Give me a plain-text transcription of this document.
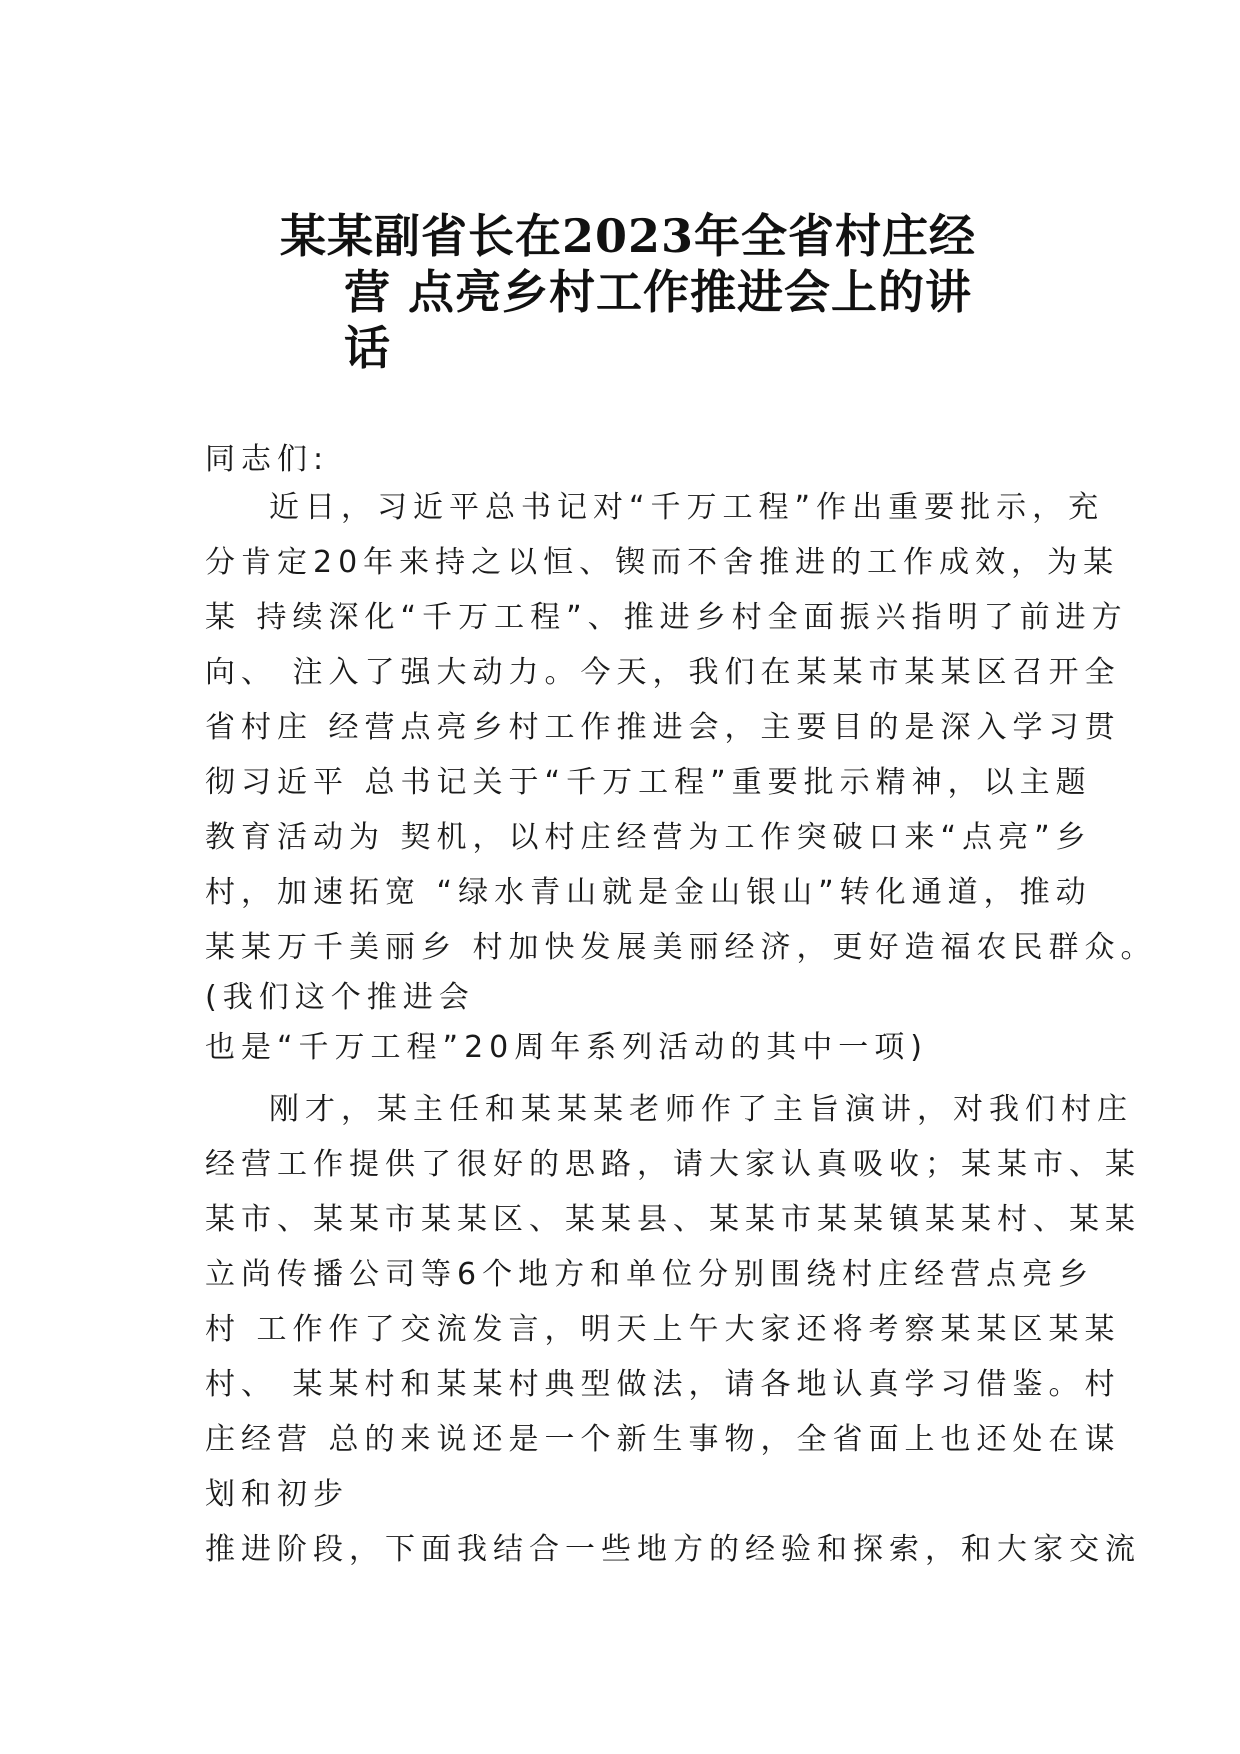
某某副省长在2023年全省村庄经
营 点亮乡村工作推进会上的讲
话
同志们:
近日，习近平总书记对“千万工程”作出重要批示，充
分肯定20年来持之以恒、锲而不舍推进的工作成效，为某
某 持续深化“千万工程”、推进乡村全面振兴指明了前进方
向、 注入了强大动力。今天，我们在某某市某某区召开全
省村庄 经营点亮乡村工作推进会，主要目的是深入学习贯
彻习近平 总书记关于“千万工程”重要批示精神，以主题
教育活动为 契机，以村庄经营为工作突破口来“点亮”乡
村，加速拓宽 “绿水青山就是金山银山”转化通道，推动
某某万千美丽乡 村加快发展美丽经济，更好造福农民群众。
(我们这个推进会
也是“千万工程”20周年系列活动的其中一项)
刚才，某主任和某某某老师作了主旨演讲，对我们村庄
经营工作提供了很好的思路，请大家认真吸收；某某市、某
某市、某某市某某区、某某县、某某市某某镇某某村、某某
立尚传播公司等6个地方和单位分别围绕村庄经营点亮乡
村 工作作了交流发言，明天上午大家还将考察某某区某某
村、 某某村和某某村典型做法，请各地认真学习借鉴。村
庄经营 总的来说还是一个新生事物，全省面上也还处在谋
划和初步
推进阶段，下面我结合一些地方的经验和探索，和大家交流
